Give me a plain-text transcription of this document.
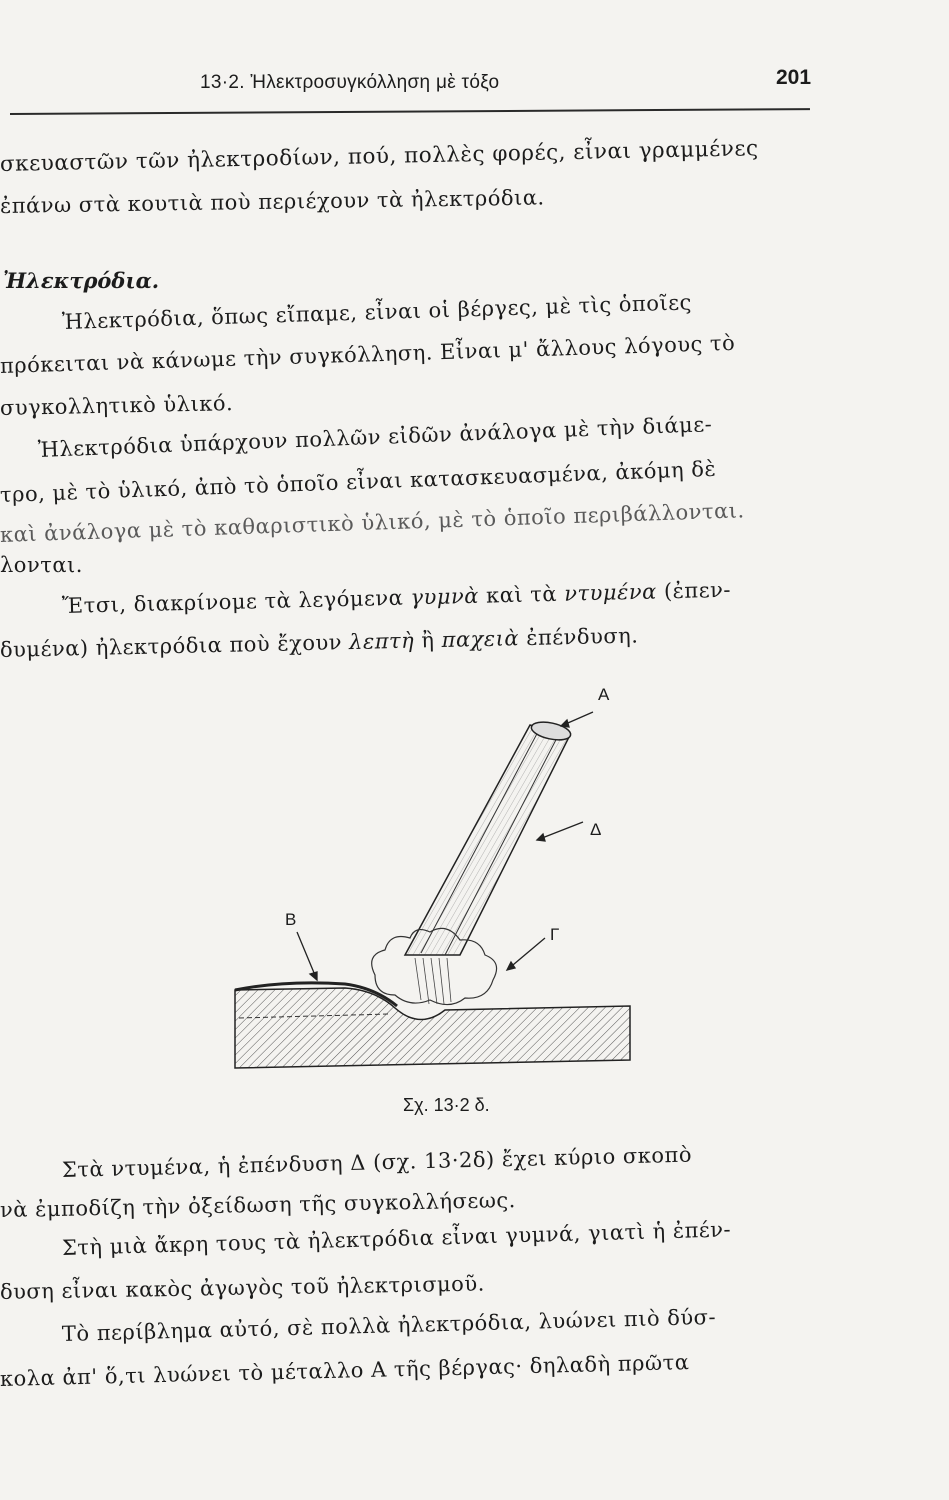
13·2. Ἠλεκτροσυγκόλληση μὲ τόξο	201
σκευαστῶν τῶν ἠλεκτροδίων, πού, πολλὲς φορές, εἶναι γραμμένες
ἐπάνω στὰ κουτιὰ ποὺ περιέχουν τὰ ἠλεκτρόδια.
Ἠλεκτρόδια.
Ἠλεκτρόδια, ὅπως εἴπαμε, εἶναι οἱ βέργες, μὲ τὶς ὁποῖες
πρόκειται νὰ κάνωμε τὴν συγκόλληση. Εἶναι μ' ἄλλους λόγους τὸ
συγκολλητικὸ ὑλικό.
Ἠλεκτρόδια ὑπάρχουν πολλῶν εἰδῶν ἀνάλογα μὲ τὴν διάμε-
τρο, μὲ τὸ ὑλικό, ἀπὸ τὸ ὁποῖο εἶναι κατασκευασμένα, ἀκόμη δὲ
καὶ ἀνάλογα μὲ τὸ καθαριστικὸ ὑλικό, μὲ τὸ ὁποῖο περιβάλλονται.
λονται.
Ἔτσι, διακρίνομε τὰ λεγόμενα γυμνὰ καὶ τὰ ντυμένα (ἐπεν-
δυμένα) ἠλεκτρόδια ποὺ ἔχουν λεπτὴ ἢ παχειὰ ἐπένδυση.
Α
Δ
Γ
Β
Σχ. 13·2 δ.
Στὰ ντυμένα, ἡ ἐπένδυση Δ (σχ. 13·2δ) ἔχει κύριο σκοπὸ
νὰ ἐμποδίζη τὴν ὀξείδωση τῆς συγκολλήσεως.
Στὴ μιὰ ἄκρη τους τὰ ἠλεκτρόδια εἶναι γυμνά, γιατὶ ἡ ἐπέν-
δυση εἶναι κακὸς ἀγωγὸς τοῦ ἠλεκτρισμοῦ.
Τὸ περίβλημα αὐτό, σὲ πολλὰ ἠλεκτρόδια, λυώνει πιὸ δύσ-
κολα ἀπ' ὅ,τι λυώνει τὸ μέταλλο Α τῆς βέργας· δηλαδὴ πρῶτα
